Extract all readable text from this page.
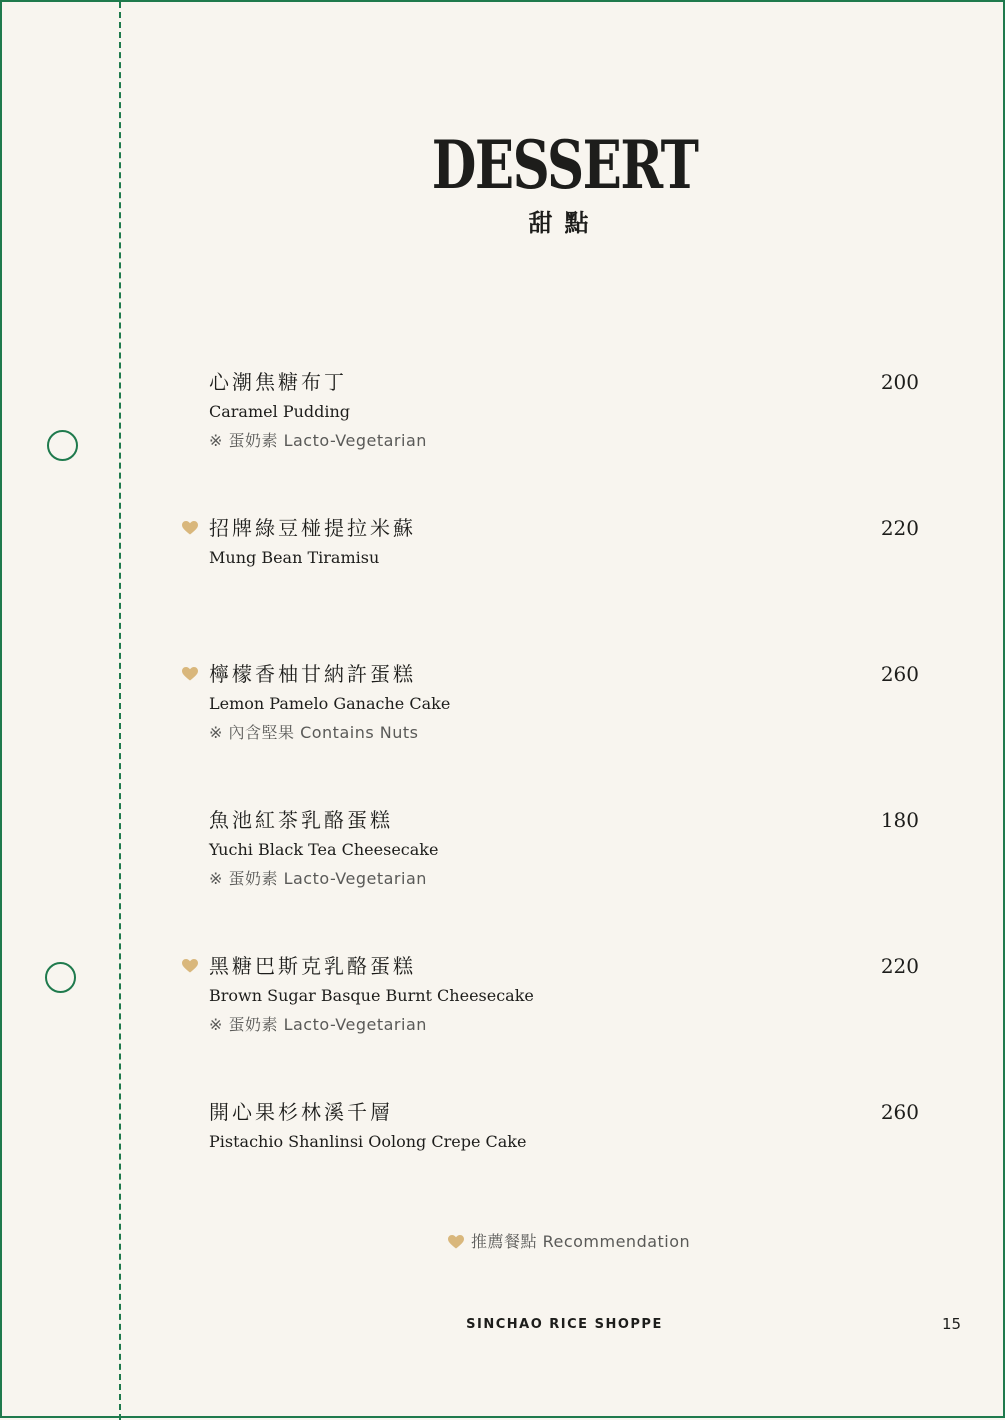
DESSERT
甜點
心潮焦糖布丁
Caramel Pudding
※ 蛋奶素 Lacto-Vegetarian
200
招牌綠豆椪提拉米蘇
Mung Bean Tiramisu
220
檸檬香柚甘納許蛋糕
Lemon Pamelo Ganache Cake
※ 內含堅果 Contains Nuts
260
魚池紅茶乳酪蛋糕
Yuchi Black Tea Cheesecake
※ 蛋奶素 Lacto-Vegetarian
180
黑糖巴斯克乳酪蛋糕
Brown Sugar Basque Burnt Cheesecake
※ 蛋奶素 Lacto-Vegetarian
220
開心果杉林溪千層
Pistachio Shanlinsi Oolong Crepe Cake
260
推薦餐點 Recommendation
SINCHAO RICE SHOPPE	15
